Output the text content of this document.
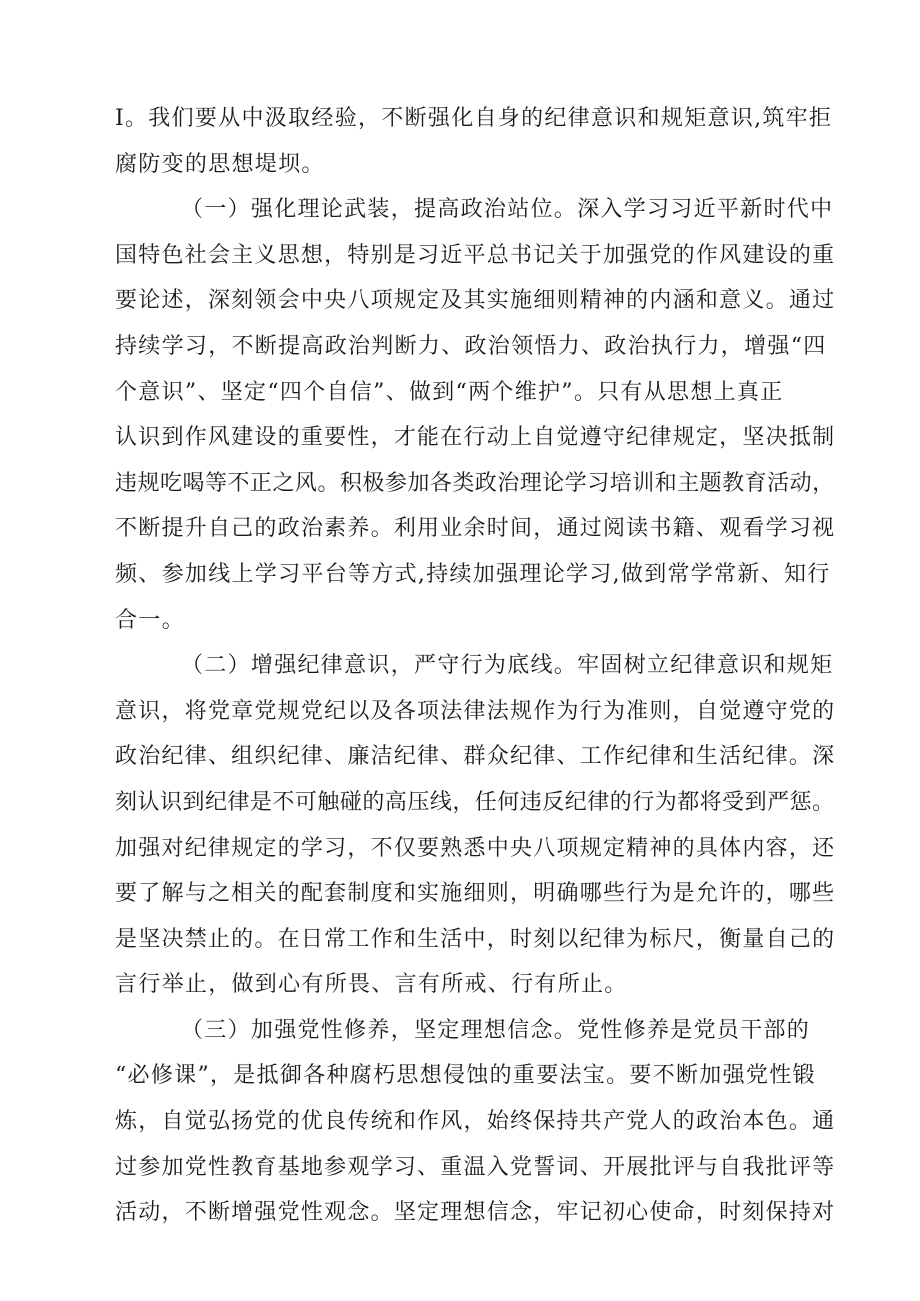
I。我们要从中汲取经验，不断强化自身的纪律意识和规矩意识,筑牢拒
腐防变的思想堤坝。
（一）强化理论武装，提高政治站位。深入学习习近平新时代中
国特色社会主义思想，特别是习近平总书记关于加强党的作风建设的重
要论述，深刻领会中央八项规定及其实施细则精神的内涵和意义。通过
持续学习，不断提高政治判断力、政治领悟力、政治执行力，增强“四
个意识”、坚定“四个自信”、做到“两个维护”。只有从思想上真正
认识到作风建设的重要性，才能在行动上自觉遵守纪律规定，坚决抵制
违规吃喝等不正之风。积极参加各类政治理论学习培训和主题教育活动，
不断提升自己的政治素养。利用业余时间，通过阅读书籍、观看学习视
频、参加线上学习平台等方式,持续加强理论学习,做到常学常新、知行
合一。
（二）增强纪律意识，严守行为底线。牢固树立纪律意识和规矩
意识，将党章党规党纪以及各项法律法规作为行为准则，自觉遵守党的
政治纪律、组织纪律、廉洁纪律、群众纪律、工作纪律和生活纪律。深
刻认识到纪律是不可触碰的高压线，任何违反纪律的行为都将受到严惩。
加强对纪律规定的学习，不仅要熟悉中央八项规定精神的具体内容，还
要了解与之相关的配套制度和实施细则，明确哪些行为是允许的，哪些
是坚决禁止的。在日常工作和生活中，时刻以纪律为标尺，衡量自己的
言行举止，做到心有所畏、言有所戒、行有所止。
（三）加强党性修养，坚定理想信念。党性修养是党员干部的
“必修课”，是抵御各种腐朽思想侵蚀的重要法宝。要不断加强党性锻
炼，自觉弘扬党的优良传统和作风，始终保持共产党人的政治本色。通
过参加党性教育基地参观学习、重温入党誓词、开展批评与自我批评等
活动，不断增强党性观念。坚定理想信念，牢记初心使命，时刻保持对
